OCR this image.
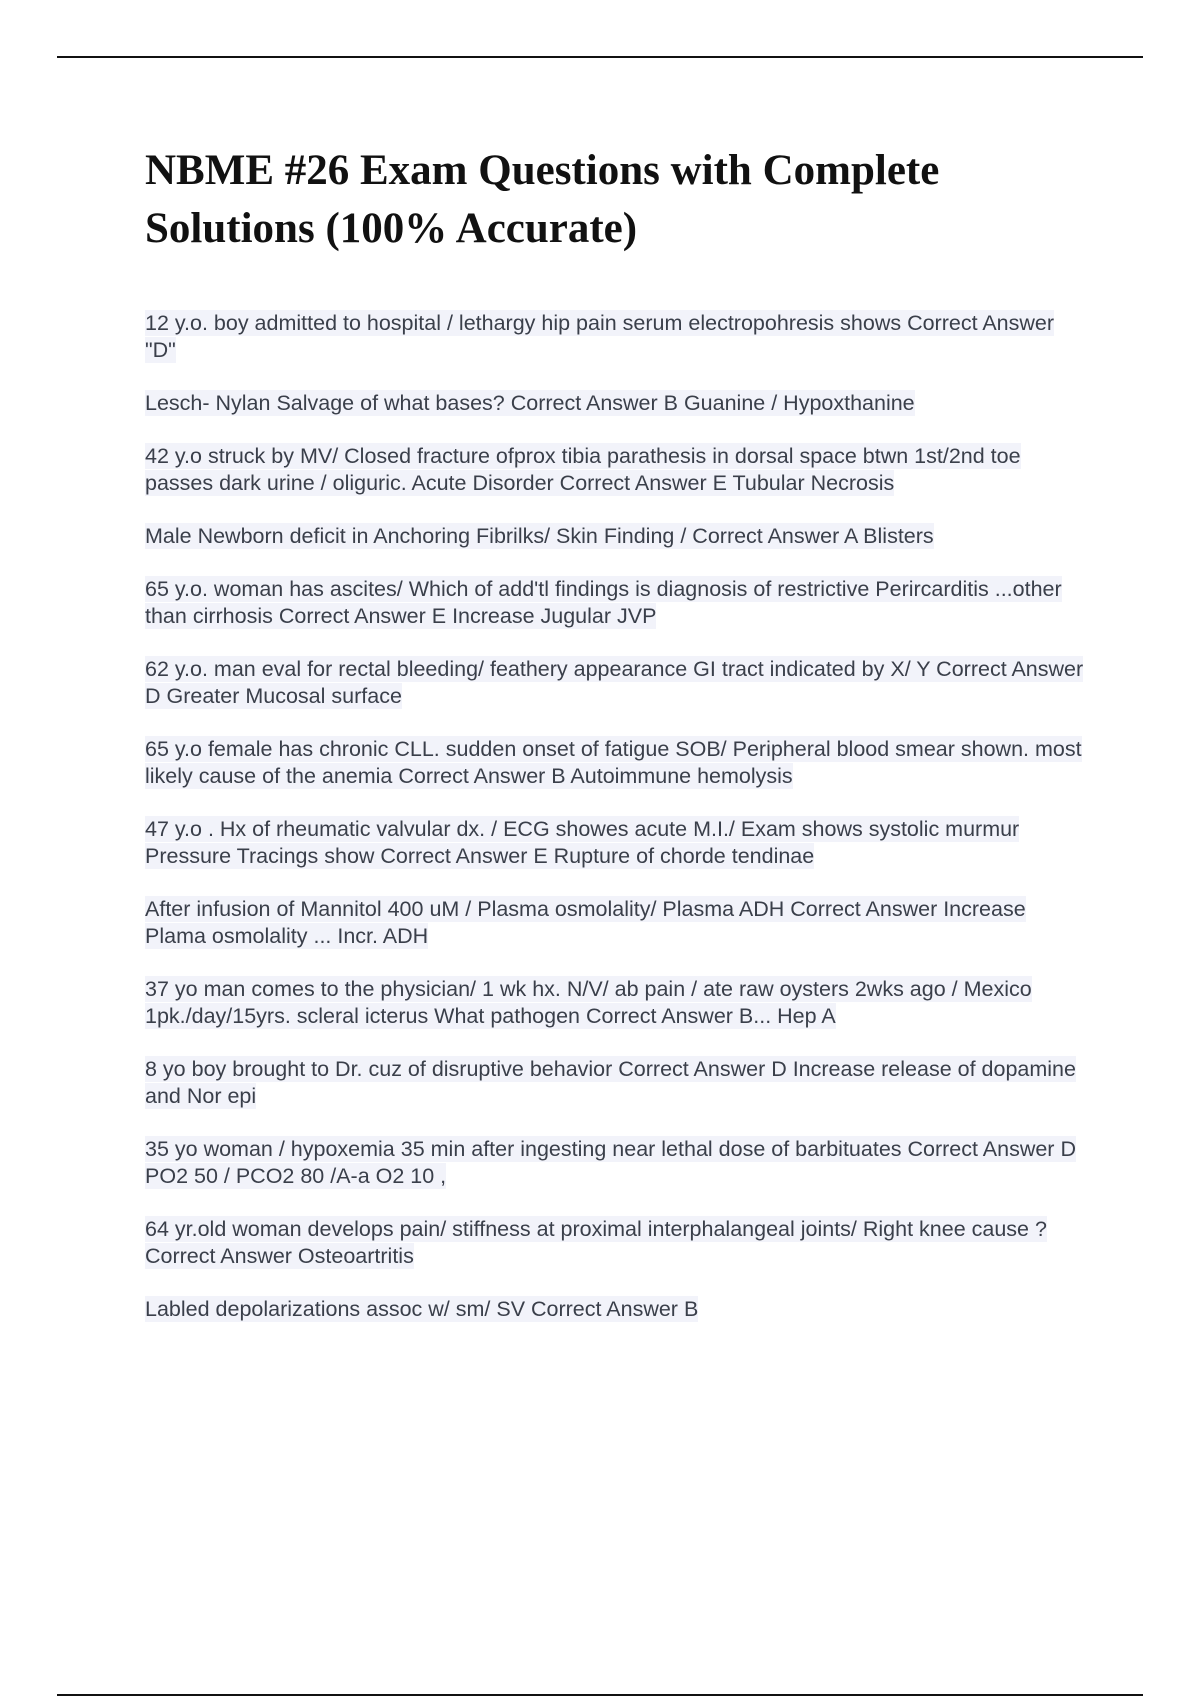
NBME #26 Exam Questions with Complete Solutions (100% Accurate)
12 y.o. boy admitted to hospital / lethargy hip pain serum electropohresis shows Correct Answer "D"
Lesch- Nylan Salvage of what bases? Correct Answer B Guanine / Hypoxthanine
42 y.o struck by MV/ Closed fracture ofprox tibia parathesis in dorsal space btwn 1st/2nd toe passes dark urine / oliguric. Acute Disorder Correct Answer E Tubular Necrosis
Male Newborn deficit in Anchoring Fibrilks/ Skin Finding / Correct Answer A Blisters
65 y.o. woman has ascites/ Which of add'tl findings is diagnosis of restrictive Perircarditis ...other than cirrhosis Correct Answer E Increase Jugular JVP
62 y.o. man eval for rectal bleeding/ feathery appearance GI tract indicated by X/ Y Correct Answer D Greater Mucosal surface
65 y.o female has chronic CLL. sudden onset of fatigue SOB/ Peripheral blood smear shown. most likely cause of the anemia Correct Answer B Autoimmune hemolysis
47 y.o . Hx of rheumatic valvular dx. / ECG showes acute M.I./ Exam shows systolic murmur Pressure Tracings show Correct Answer E Rupture of chorde tendinae
After infusion of Mannitol 400 uM / Plasma osmolality/ Plasma ADH Correct Answer Increase Plama osmolality ... Incr. ADH
37 yo man comes to the physician/ 1 wk hx. N/V/ ab pain / ate raw oysters 2wks ago / Mexico 1pk./day/15yrs. scleral icterus What pathogen Correct Answer B... Hep A
8 yo boy brought to Dr. cuz of disruptive behavior Correct Answer D Increase release of dopamine and Nor epi
35 yo woman / hypoxemia 35 min after ingesting near lethal dose of barbituates Correct Answer D PO2 50 / PCO2 80 /A-a O2 10 ,
64 yr.old woman develops pain/ stiffness at proximal interphalangeal joints/ Right knee cause ? Correct Answer Osteoartritis
Labled depolarizations assoc w/ sm/ SV Correct Answer B
